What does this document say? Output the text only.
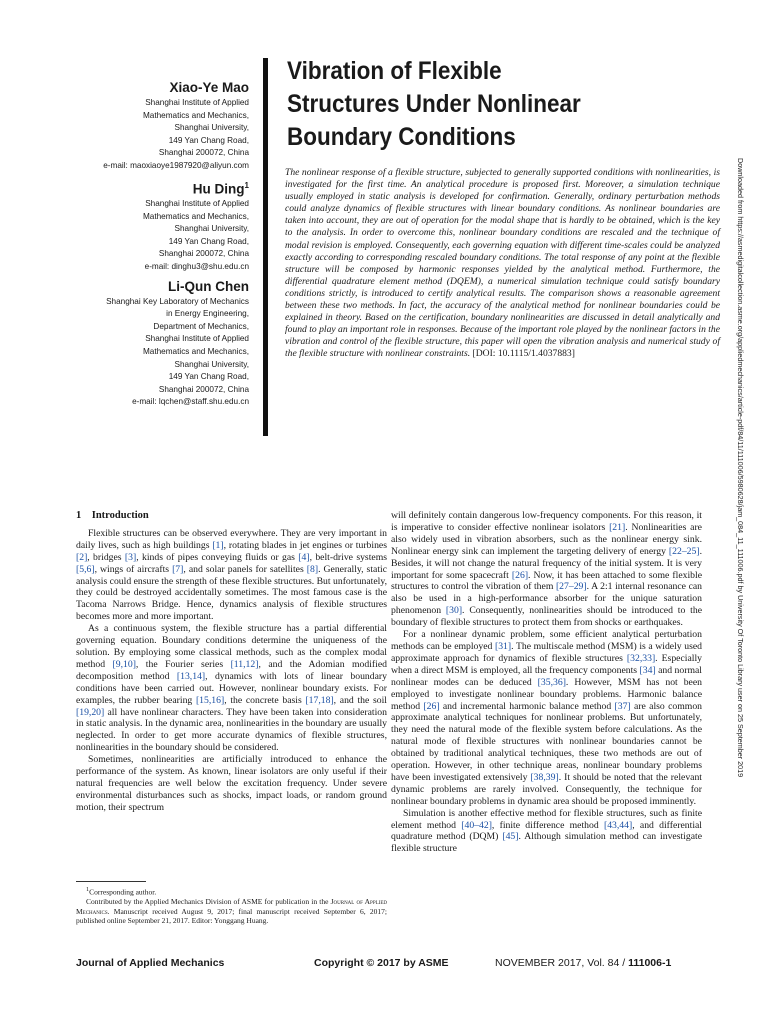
Xiao-Ye Mao
Shanghai Institute of Applied
Mathematics and Mechanics,
Shanghai University,
149 Yan Chang Road,
Shanghai 200072, China
e-mail: maoxiaoye1987920@aliyun.com
Hu Ding$^1$
Shanghai Institute of Applied
Mathematics and Mechanics,
Shanghai University,
149 Yan Chang Road,
Shanghai 200072, China
e-mail: dinghu3@shu.edu.cn
Li-Qun Chen
Shanghai Key Laboratory of Mechanics
in Energy Engineering,
Department of Mechanics,
Shanghai Institute of Applied
Mathematics and Mechanics,
Shanghai University,
149 Yan Chang Road,
Shanghai 200072, China
e-mail: lqchen@staff.shu.edu.cn
Vibration of Flexible
Structures Under Nonlinear
Boundary Conditions
The nonlinear response of a flexible structure, subjected to generally supported conditions with nonlinearities, is investigated for the first time. An analytical procedure is proposed first. Moreover, a simulation technique usually employed in static analysis is developed for confirmation. Generally, ordinary perturbation methods could analyze dynamics of flexible structures with linear boundary conditions. As nonlinear boundaries are taken into account, they are out of operation for the modal shape that is hardly to be obtained, which is the key to the analysis. In order to overcome this, nonlinear boundary conditions are rescaled and the technique of modal revision is employed. Consequently, each governing equation with different time-scales could be analyzed exactly according to corresponding rescaled boundary conditions. The total response of any point at the flexible structure will be composed by harmonic responses yielded by the analytical method. Furthermore, the differential quadrature element method (DQEM), a numerical simulation technique could satisfy boundary conditions strictly, is introduced to certify analytical results. The comparison shows a reasonable agreement between these two methods. In fact, the accuracy of the analytical method for nonlinear boundaries could be explained in theory. Based on the certification, boundary nonlinearities are discussed in detail analytically and found to play an important role in responses. Because of the important role played by the nonlinear factors in the vibration and control of the flexible structure, this paper will open the vibration analysis and numerical study of the flexible structure with nonlinear constraints. [DOI: 10.1115/1.4037883]	Downloaded from https://asmedigitalcollection.asme.org/appliedmechanics/article-pdf/84/11/111006/5980628/jam_084_11_111006.pdf by University Of Toronto Library user on 25 September 2019
1 Introduction

Flexible structures can be observed everywhere. They are very important in daily lives, such as high buildings [1], rotating blades in jet engines or turbines [2], bridges [3], kinds of pipes conveying fluids or gas [4], belt-drive systems [5,6], wings of aircrafts [7], and solar panels for satellites [8]. Generally, static analysis could ensure the strength of these flexible structures. But unfortunately, they could be destroyed accidentally sometimes. The most famous case is the Tacoma Narrows Bridge. Hence, dynamics analysis of flexible structures becomes more and more important.

As a continuous system, the flexible structure has a partial differential governing equation. Boundary conditions determine the uniqueness of the solution. By employing some classical methods, such as the complex modal method [9,10], the Fourier series [11,12], and the Adomian modified decomposition method [13,14], dynamics with lots of linear boundary conditions have been carried out. However, nonlinear boundary exists. For examples, the rubber bearing [15,16], the concrete basis [17,18], and the soil [19,20] all have nonlinear characters. They have been taken into consideration in static analysis. In the dynamic area, nonlinearities in the boundary are usually neglected. In order to get more accurate dynamics of flexible structures, nonlinearities in the boundary should be considered.

Sometimes, nonlinearities are artificially introduced to enhance the performance of the system. As known, linear isolators are only useful if their natural frequencies are well below the excitation frequency. Under severe environmental disturbances such as shocks, impact loads, or random ground motion, their spectrum

will definitely contain dangerous low-frequency components. For this reason, it is imperative to consider effective nonlinear isolators [21]. Nonlinearities are also widely used in vibration absorbers, such as the nonlinear energy sink. Nonlinear energy sink can implement the targeting delivery of energy [22–25]. Besides, it will not change the natural frequency of the initial system. It is very important for some spacecraft [26]. Now, it has been attached to some flexible structures to control the vibration of them [27–29]. A 2:1 internal resonance can also be used in a high-performance absorber for the unique saturation phenomenon [30]. Consequently, nonlinearities should be introduced to the boundary of flexible structures to protect them from shocks or earthquakes.

For a nonlinear dynamic problem, some efficient analytical perturbation methods can be employed [31]. The multiscale method (MSM) is a widely used approximate approach for dynamics of flexible structures [32,33]. Especially when a direct MSM is employed, all the frequency components [34] and normal nonlinear modes can be deduced [35,36]. However, MSM has not been employed to investigate nonlinear boundary problems. Harmonic balance method [26] and incremental harmonic balance method [37] are also common approximate analytical techniques for nonlinear problems. But unfortunately, they need the natural mode of the flexible system before calculations. As the natural mode of flexible structures with nonlinear boundaries cannot be obtained by traditional analytical techniques, these two methods are out of operation. However, in other technique areas, nonlinear boundary problems have been investigated extensively [38,39]. It should be noted that the relevant dynamic problems are rarely involved. Consequently, the technique for nonlinear boundary problems in dynamic area should be proposed imminently.

Simulation is another effective method for flexible structures, such as finite element method [40–42], finite difference method [43,44], and differential quadrature method (DQM) [45]. Although simulation method can investigate flexible structure

$^1$Corresponding author.

Contributed by the Applied Mechanics Division of ASME for publication in the Journal of Applied Mechanics. Manuscript received August 9, 2017; final manuscript received September 6, 2017; published online September 21, 2017. Editor: Yonggang Huang.

Journal of Applied Mechanics	Copyright © 2017 by ASME	NOVEMBER 2017, Vol. 84 / 111006-1
